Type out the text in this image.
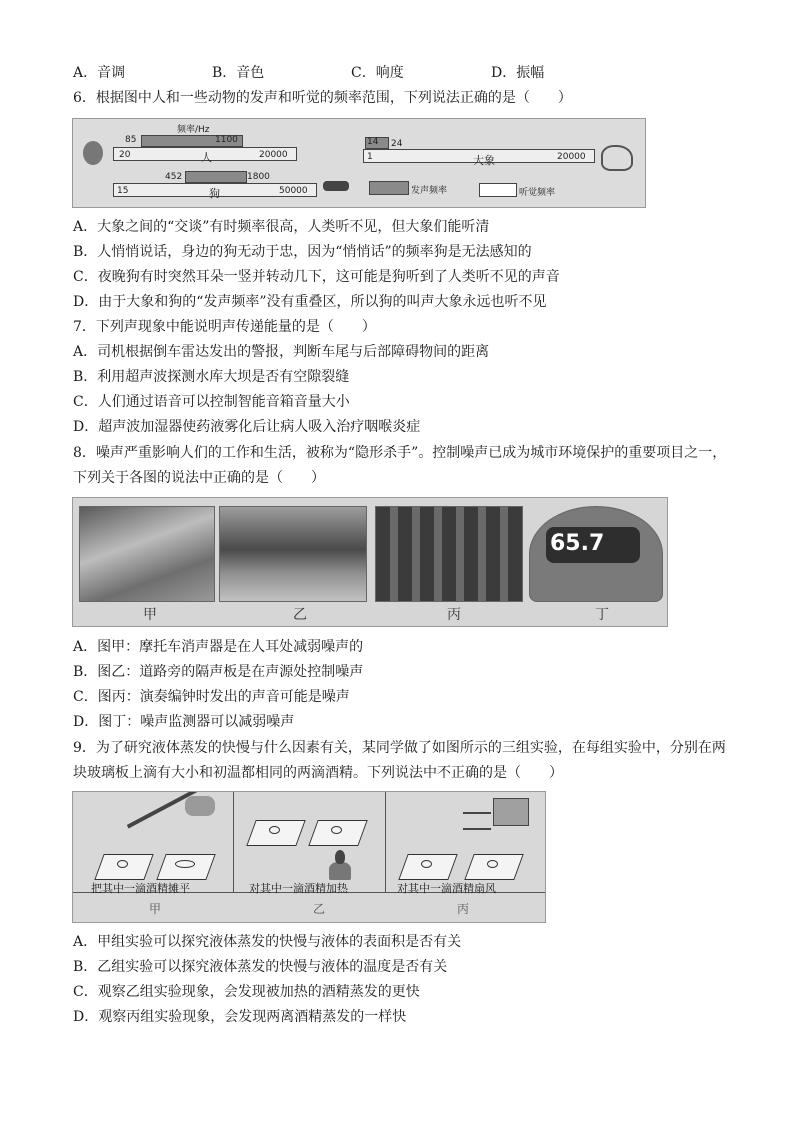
A．音调	B．音色	C．响度	D．振幅
6．根据图中人和一些动物的发声和听觉的频率范围，下列说法正确的是（　　）
频率/Hz
85	1100
20	人	20000
452	1800
15	狗	50000
14 24
1	大象	20000
发声频率	听觉频率
A．大象之间的“交谈”有时频率很高，人类听不见，但大象们能听清
B．人悄悄说话，身边的狗无动于忠，因为“悄悄话”的频率狗是无法感知的
C．夜晚狗有时突然耳朵一竖并转动几下，这可能是狗听到了人类听不见的声音
D．由于大象和狗的“发声频率”没有重叠区，所以狗的叫声大象永远也听不见
7．下列声现象中能说明声传递能量的是（　　）
A．司机根据倒车雷达发出的警报，判断车尾与后部障碍物间的距离
B．利用超声波探测水库大坝是否有空隙裂缝
C．人们通过语音可以控制智能音箱音量大小
D．超声波加湿器使药液雾化后让病人吸入治疗咽喉炎症
8．噪声严重影响人们的工作和生活，被称为“隐形杀手”。控制噪声已成为城市环境保护的重要项目之一，
下列关于各图的说法中正确的是（　　）
65.7
甲	乙	丙	丁
A．图甲：摩托车消声器是在人耳处减弱噪声的
B．图乙：道路旁的隔声板是在声源处控制噪声
C．图丙：演奏编钟时发出的声音可能是噪声
D．图丁：噪声监测器可以减弱噪声
9．为了研究液体蒸发的快慢与什么因素有关，某同学做了如图所示的三组实验，在每组实验中，分别在两
块玻璃板上滴有大小和初温都相同的两滴酒精。下列说法中不正确的是（　　）
把其中一滴酒精摊平	对其中一滴酒精加热	对其中一滴酒精扇风
甲	乙	丙
A．甲组实验可以探究液体蒸发的快慢与液体的表面积是否有关
B．乙组实验可以探究液体蒸发的快慢与液体的温度是否有关
C．观察乙组实验现象，会发现被加热的酒精蒸发的更快
D．观察丙组实验现象，会发现两离酒精蒸发的一样快
